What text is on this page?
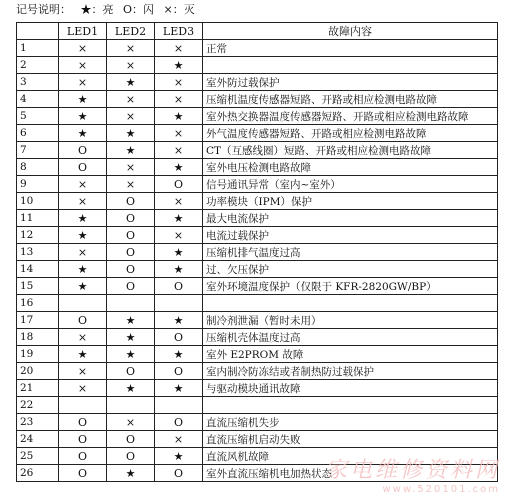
记号说明： ★：亮 O：闪 ×：灭
	LED1	LED2	LED3	故障内容
1	×	×	×	正常
2	×	×	★	
3	×	★	×	室外防过载保护
4	★	×	×	压缩机温度传感器短路、开路或相应检测电路故障
5	★	×	★	室外热交换器温度传感器短路、开路或相应检测电路故障
6	★	★	×	外气温度传感器短路、开路或相应检测电路故障
7	O	★	×	CT（互感线圈）短路、开路或相应检测电路故障
8	O	×	★	室外电压检测电路故障
9	×	×	O	信号通讯异常（室内~室外）
10	×	O	×	功率模块（IPM）保护
11	★	O	★	最大电流保护
12	★	O	×	电流过载保护
13	×	O	★	压缩机排气温度过高
14	★	O	★	过、欠压保护
15	★	O	O	室外环境温度保护（仅限于 KFR-2820GW/BP）
16				
17	O	★	★	制冷剂泄漏（暂时未用）
18	×	★	O	压缩机壳体温度过高
19	★	★	★	室外 E2PROM 故障
20	×	O	O	室内制冷防冻结或者制热防过载保护
21	×	★	★	与驱动模块通讯故障
22				
23	O	×	O	直流压缩机失步
24	O	O	×	直流压缩机启动失败
25	O	O	★	直流风机故障
26	O	★	O	室外直流压缩机电加热状态
家电维修资料网
www.520101.com
